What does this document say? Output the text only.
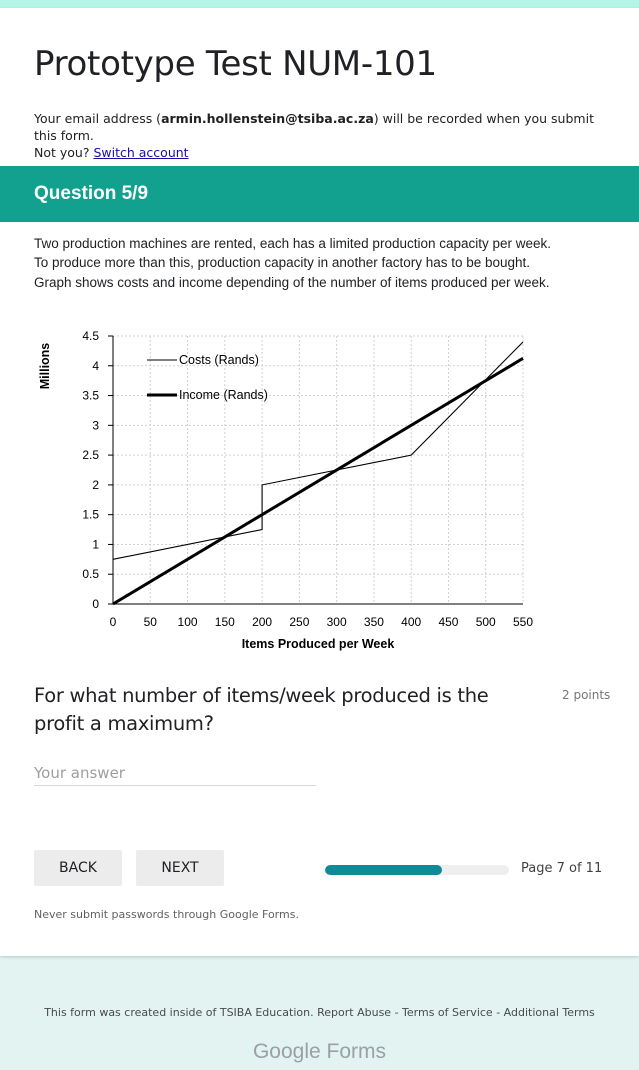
Prototype Test NUM-101
Your email address (armin.hollenstein@tsiba.ac.za) will be recorded when you submit this form.
Not you? Switch account
Question 5/9
Two production machines are rented, each has a limited production capacity per week.
To produce more than this, production capacity in another factory has to be bought.
Graph shows costs and income depending of the number of items produced per week.
0 50 100 150 200 250 300 350 400 450 500 550
0
0.5
1
1.5
2
2.5
3
3.5
4
4.5
Costs (Rands)
Income (Rands)
Items Produced per Week
Millions
For what number of items/week produced is the profit a maximum?
2 points
Your answer
BACK	NEXT	Page 7 of 11
Never submit passwords through Google Forms.
This form was created inside of TSIBA Education. Report Abuse - Terms of Service - Additional Terms
Google Forms
